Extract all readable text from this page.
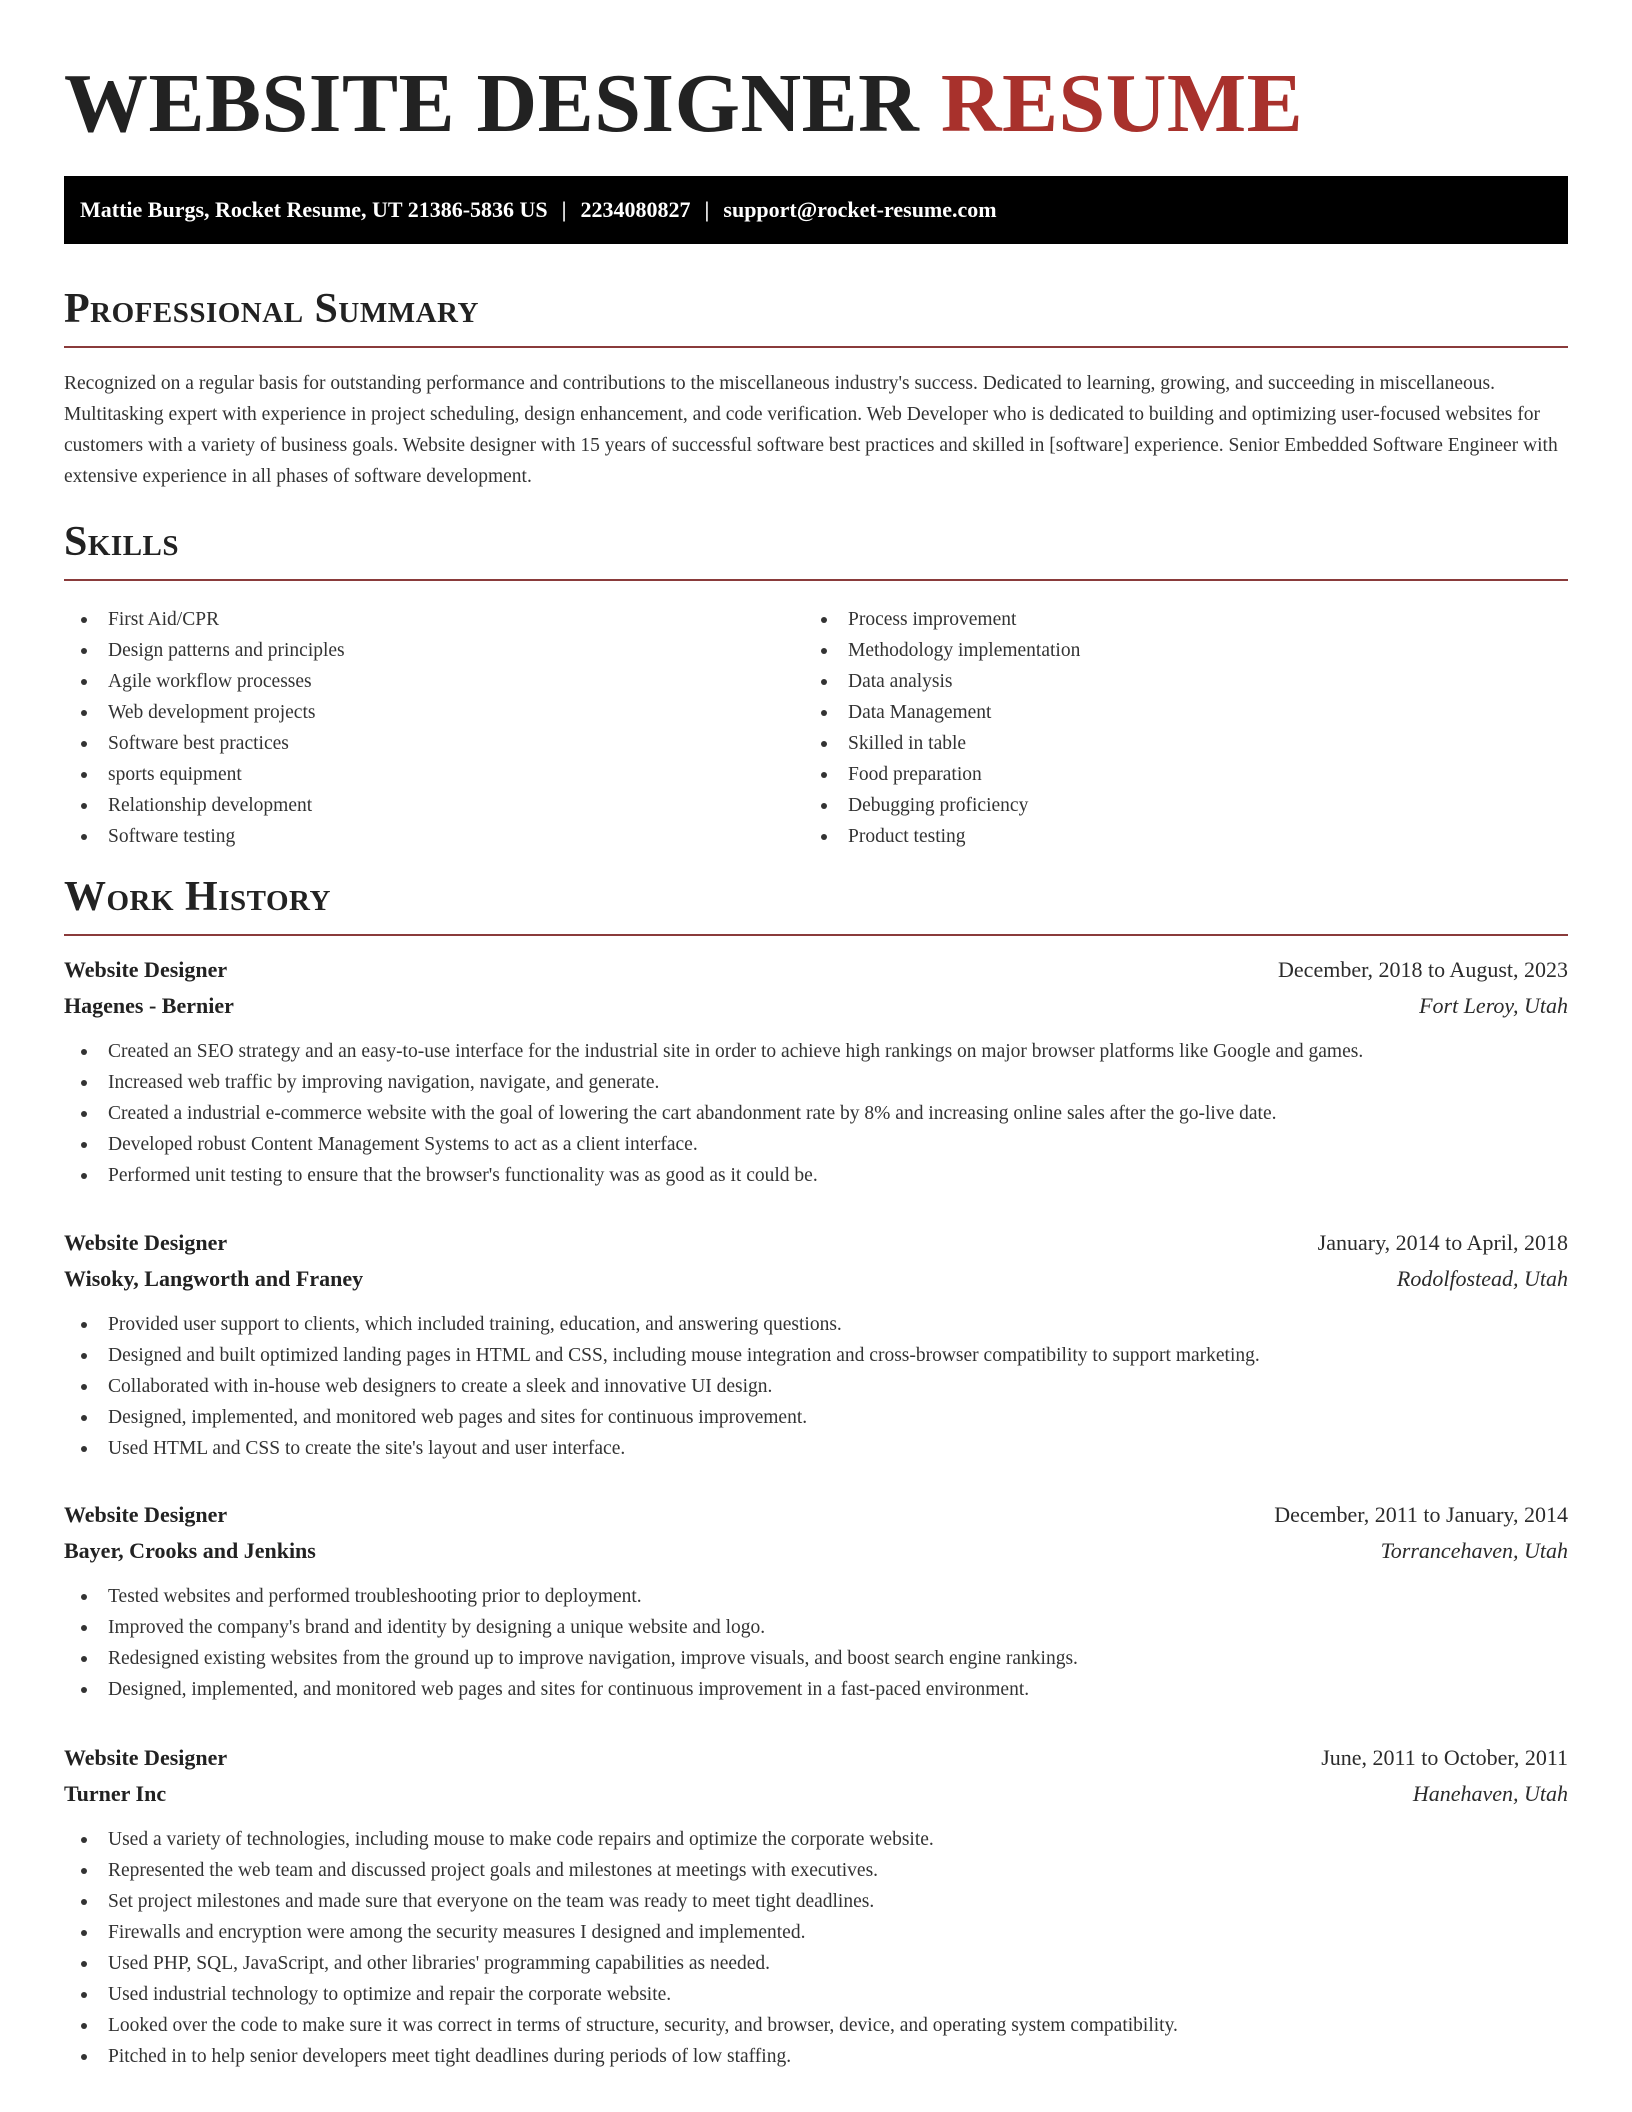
WEBSITE DESIGNER RESUME
Mattie Burgs, Rocket Resume, UT 21386-5836 US | 2234080827 | support@rocket-resume.com
Professional Summary

Recognized on a regular basis for outstanding performance and contributions to the miscellaneous industry's success. Dedicated to learning, growing, and succeeding in miscellaneous. Multitasking expert with experience in project scheduling, design enhancement, and code verification. Web Developer who is dedicated to building and optimizing user-focused websites for customers with a variety of business goals. Website designer with 15 years of successful software best practices and skilled in [software] experience. Senior Embedded Software Engineer with extensive experience in all phases of software development.

Skills
First Aid/CPR
Design patterns and principles
Agile workflow processes
Web development projects
Software best practices
sports equipment
Relationship development
Software testing
Process improvement
Methodology implementation
Data analysis
Data Management
Skilled in table
Food preparation
Debugging proficiency
Product testing
Work History
Website Designer	December, 2018 to August, 2023
Hagenes - Bernier	Fort Leroy, Utah
Created an SEO strategy and an easy-to-use interface for the industrial site in order to achieve high rankings on major browser platforms like Google and games.
Increased web traffic by improving navigation, navigate, and generate.
Created a industrial e-commerce website with the goal of lowering the cart abandonment rate by 8% and increasing online sales after the go-live date.
Developed robust Content Management Systems to act as a client interface.
Performed unit testing to ensure that the browser's functionality was as good as it could be.
Website Designer	January, 2014 to April, 2018
Wisoky, Langworth and Franey	Rodolfostead, Utah
Provided user support to clients, which included training, education, and answering questions.
Designed and built optimized landing pages in HTML and CSS, including mouse integration and cross-browser compatibility to support marketing.
Collaborated with in-house web designers to create a sleek and innovative UI design.
Designed, implemented, and monitored web pages and sites for continuous improvement.
Used HTML and CSS to create the site's layout and user interface.
Website Designer	December, 2011 to January, 2014
Bayer, Crooks and Jenkins	Torrancehaven, Utah
Tested websites and performed troubleshooting prior to deployment.
Improved the company's brand and identity by designing a unique website and logo.
Redesigned existing websites from the ground up to improve navigation, improve visuals, and boost search engine rankings.
Designed, implemented, and monitored web pages and sites for continuous improvement in a fast-paced environment.
Website Designer	June, 2011 to October, 2011
Turner Inc	Hanehaven, Utah
Used a variety of technologies, including mouse to make code repairs and optimize the corporate website.
Represented the web team and discussed project goals and milestones at meetings with executives.
Set project milestones and made sure that everyone on the team was ready to meet tight deadlines.
Firewalls and encryption were among the security measures I designed and implemented.
Used PHP, SQL, JavaScript, and other libraries' programming capabilities as needed.
Used industrial technology to optimize and repair the corporate website.
Looked over the code to make sure it was correct in terms of structure, security, and browser, device, and operating system compatibility.
Pitched in to help senior developers meet tight deadlines during periods of low staffing.
